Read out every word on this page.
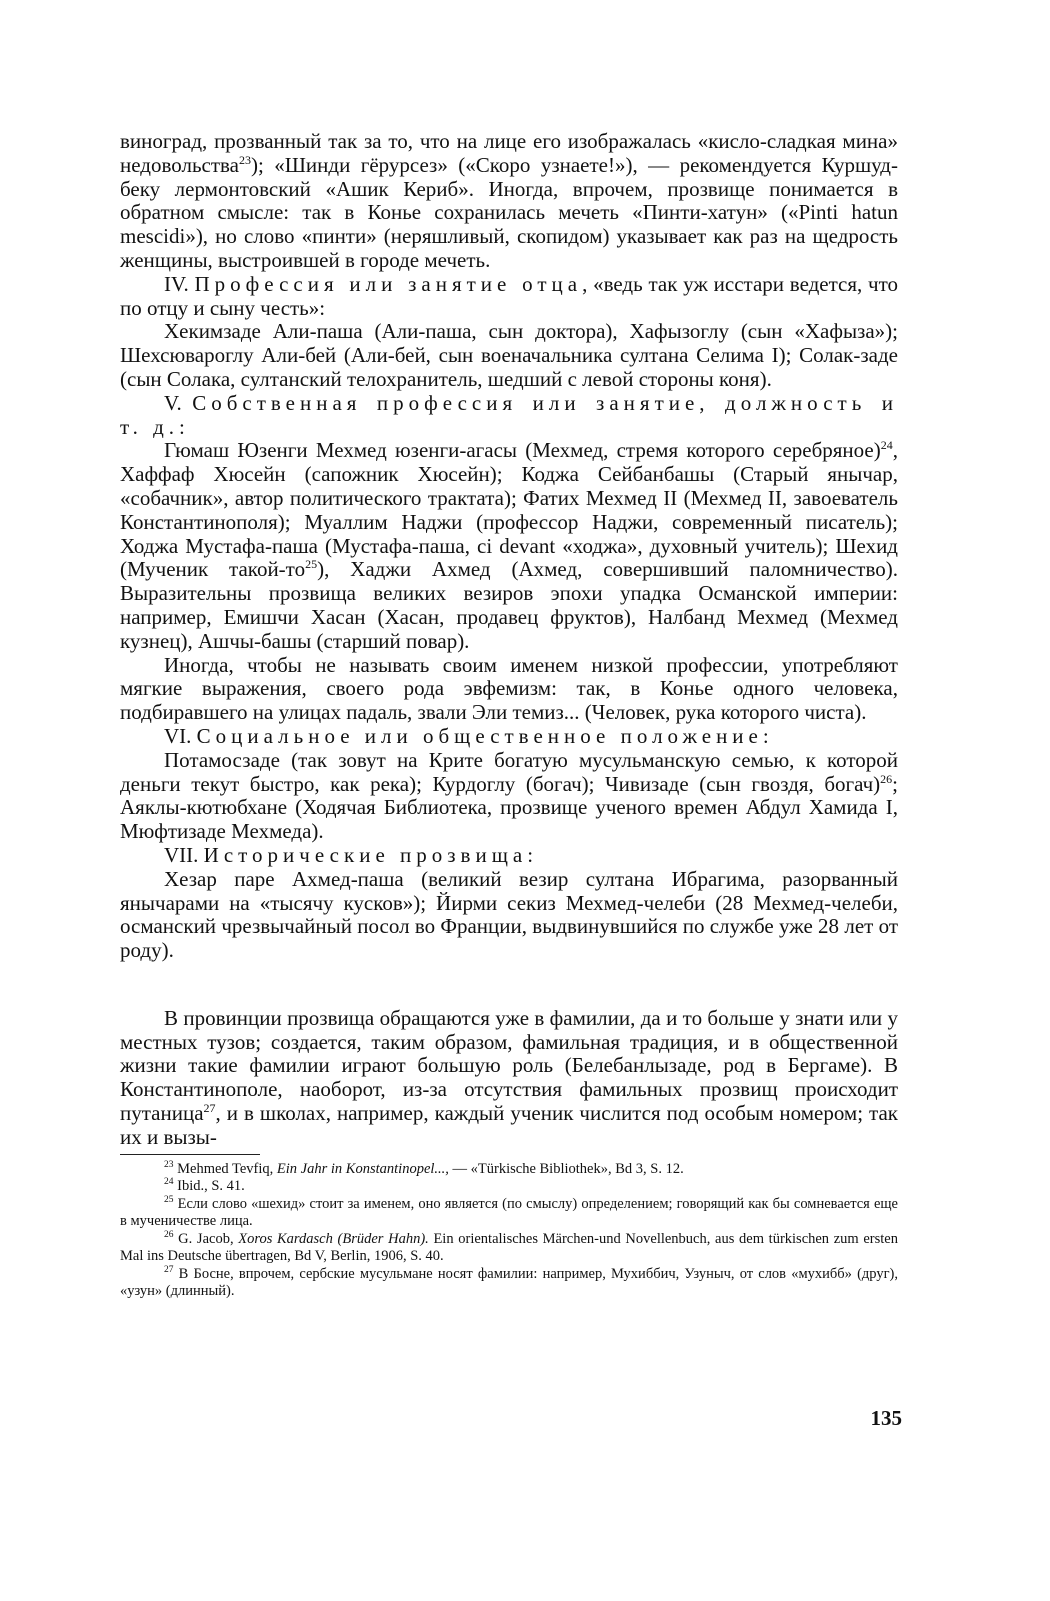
виноград, прозванный так за то, что на лице его изображалась «кисло-сладкая мина» недовольства$^{23}$); «Шинди гёрурсез» («Скоро узнаете!»), — рекомендуется Куршуд-беку лермонтовский «Ашик Кериб». Иногда, впрочем, прозвище понимается в обратном смысле: так в Конье сохранилась мечеть «Пинти-хатун» («Pinti hatun mescidi»), но слово «пинти» (неряшливый, скопидом) указывает как раз на щедрость женщины, выстроившей в городе мечеть.

IV. Профессия или занятие отца, «ведь так уж исстари ведется, что по отцу и сыну честь»:

Хекимзаде Али-паша (Али-паша, сын доктора), Хафызоглу (сын «Хафыза»); Шехсюварoглу Али-бей (Али-бей, сын военачальника султана Селима I); Солак-заде (сын Солака, султанский телохранитель, шедший с левой стороны коня).

V. Собственная профессия или занятие, должность и т. д.:

Гюмаш Юзенги Мехмед юзенги-агасы (Мехмед, стремя которого серебряное)$^{24}$, Хаффаф Хюсейн (сапожник Хюсейн); Коджа Сейбанбашы (Старый янычар, «собачник», автор политического трактата); Фатих Мехмед II (Мехмед II, завоеватель Константинополя); Муаллим Наджи (профессор Наджи, современный писатель); Ходжа Мустафа-паша (Мустафа-паша, ci devant «ходжа», духовный учитель); Шехид (Мученик такой-$то^{25}$), Хаджи Ахмед (Ахмед, совершивший паломничество). Выразительны прозвища великих везиров эпохи упадка Османской империи: например, Емишчи Хасан (Хасан, продавец фруктов), Налбанд Мехмед (Мехмед кузнец), Ашчы-башы (старший повар).

Иногда, чтобы не называть своим именем низкой профессии, употребляют мягкие выражения, своего рода эвфемизм: так, в Конье одного человека, подбиравшего на улицах падаль, звали Эли темиз... (Человек, рука которого чиста).

VI. Социальное или общественное положение:

Потамосзаде (так зовут на Крите богатую мусульманскую семью, к которой деньги текут быстро, как река); Курдоглу (богач); Чивизаде (сын гвоздя, богач)$^{26}$; Аяклы-кютюбхане (Ходячая Библиотека, прозвище ученого времен Абдул Хамида I, Мюфтизаде Мехмеда).

VII. Исторические прозвища:

Хезар паре Ахмед-паша (великий везир султана Ибрагима, разорванный янычарами на «тысячу кусков»); Йирми секиз Мехмед-челеби (28 Мехмед-челеби, османский чрезвычайный посол во Франции, выдвинувшийся по службе уже 28 лет от роду).

В провинции прозвища обращаются уже в фамилии, да и то больше у знати или у местных тузов; создается, таким образом, фамильная традиция, и в общественной жизни такие фамилии играют большую роль (Белебанлызаде, род в Бергаме). В Константинополе, наоборот, из-за отсутствия фамильных прозвищ происходит путаница$^{27}$, и в школах, например, каждый ученик числится под особым номером; так их и вызы-

$^{23}$ Mehmed Tevfiq, Ein Jahr in Konstantinopel..., — «Türkische Bibliothek», Bd 3, S. 12.

$^{24}$ Ibid., S. 41.

$^{25}$ Если слово «шехид» стоит за именем, оно является (по смыслу) определением; говорящий как бы сомневается еще в мученичестве лица.

$^{26}$ G. Jacob, Xoros Kardasch (Brüder Hahn). Ein orientalisches Märchen-und Novellenbuch, aus dem türkischen zum ersten Mal ins Deutsche übertragen, Bd V, Berlin, 1906, S. 40.

$^{27}$ В Босне, впрочем, сербские мусульмане носят фамилии: например, Мухиббич, Узуныч, от слов «мухибб» (друг), «узун» (длинный).

135
